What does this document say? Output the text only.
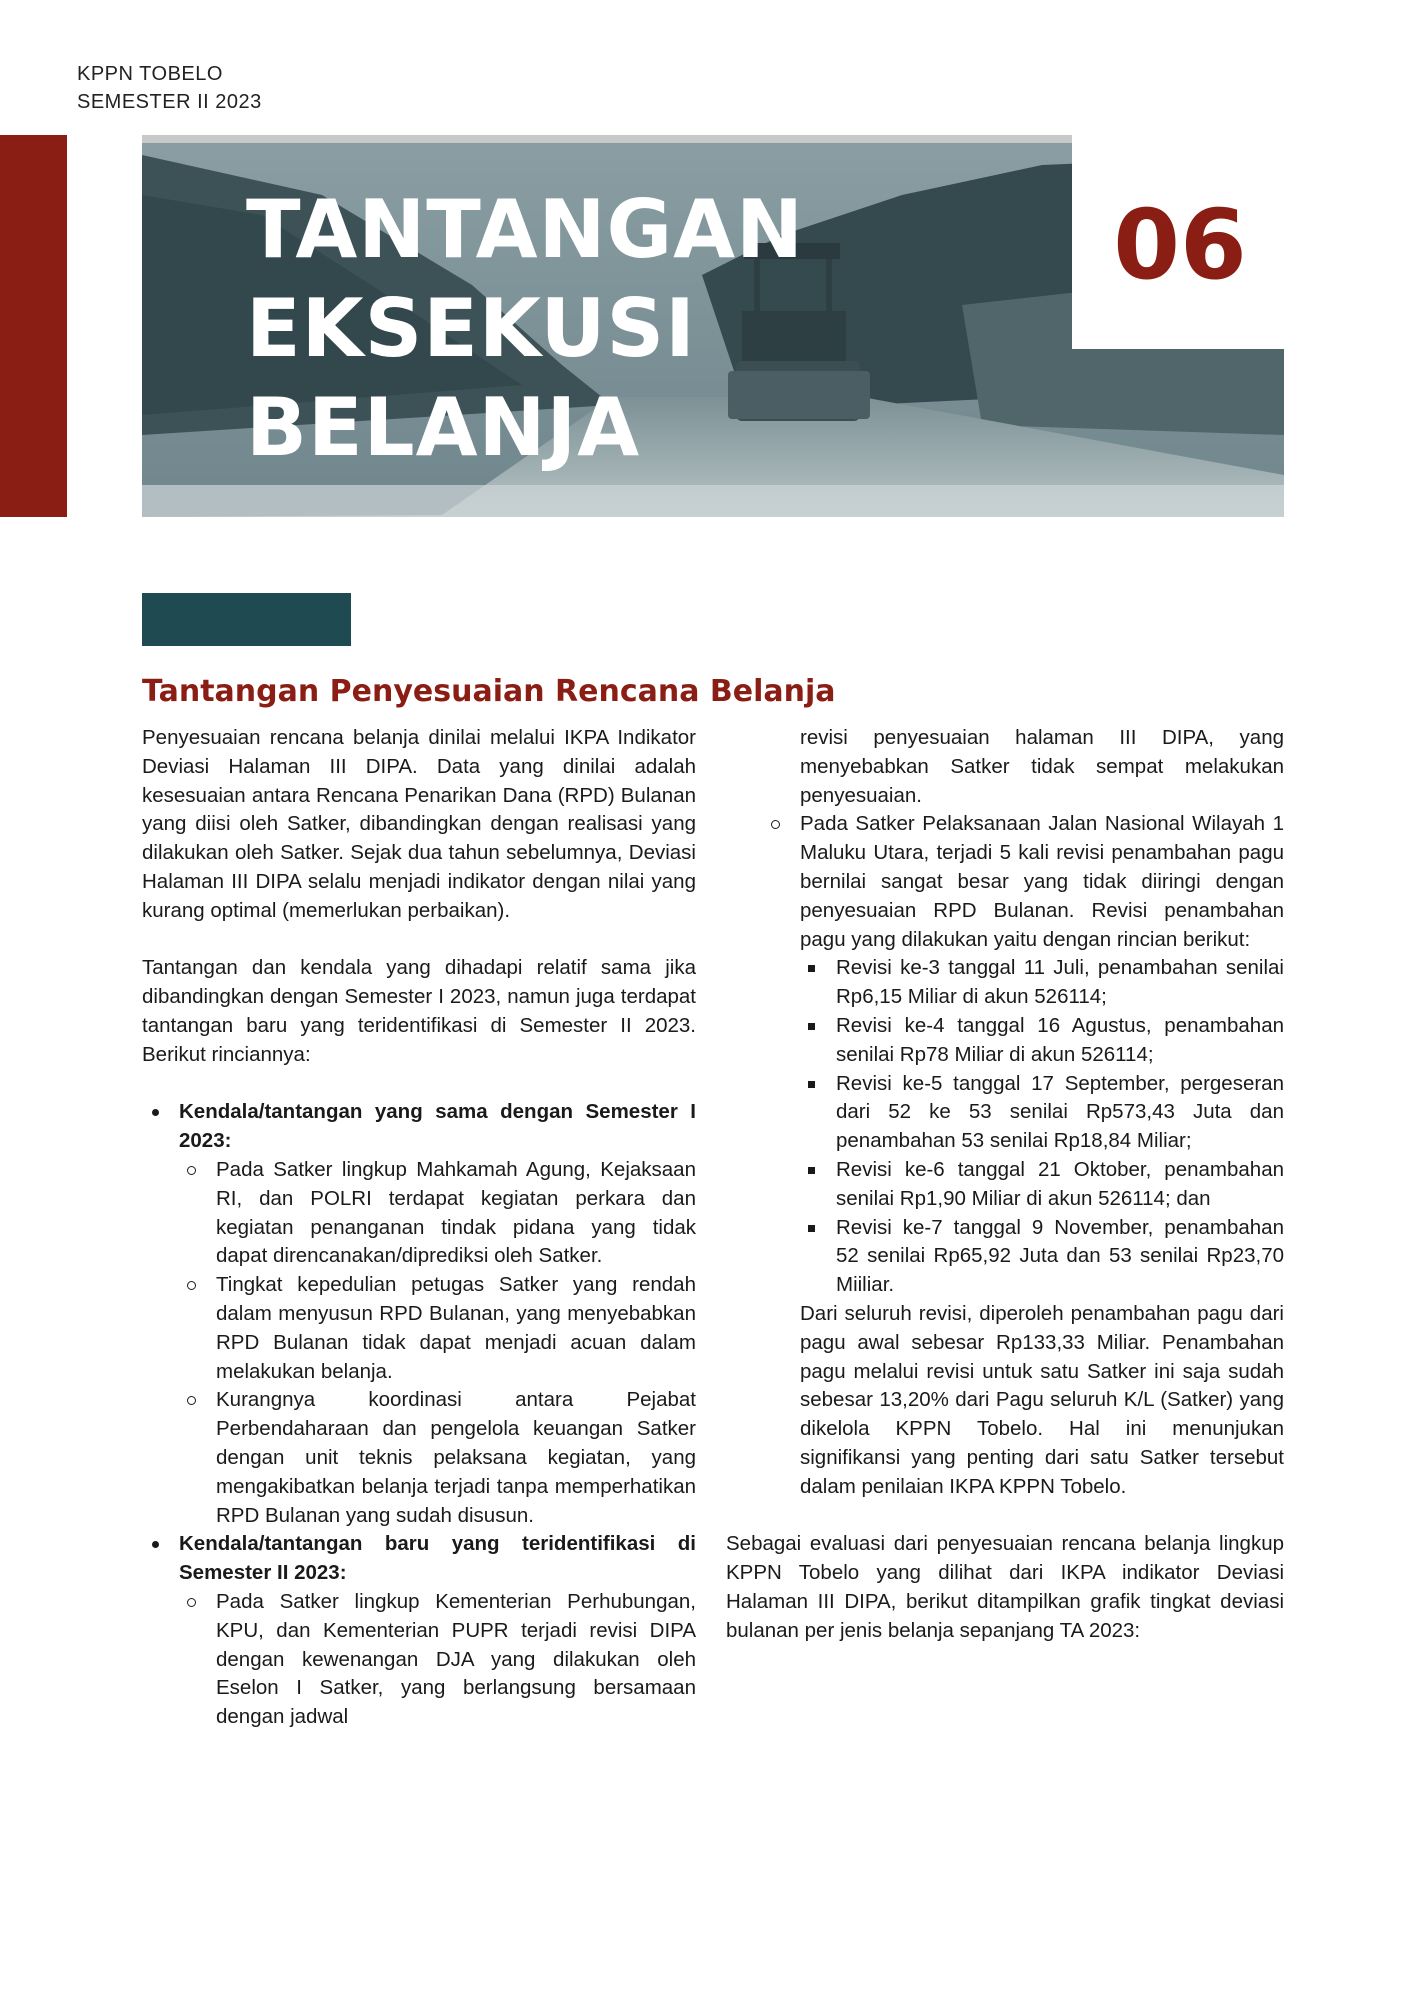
KPPN TOBELO
SEMESTER II 2023
06
TANTANGAN
EKSEKUSI
BELANJA
Tantangan Penyesuaian Rencana Belanja

Penyesuaian rencana belanja dinilai melalui IKPA Indikator Deviasi Halaman III DIPA. Data yang dinilai adalah kesesuaian antara Rencana Penarikan Dana (RPD) Bulanan yang diisi oleh Satker, dibandingkan dengan realisasi yang dilakukan oleh Satker. Sejak dua tahun sebelumnya, Deviasi Halaman III DIPA selalu menjadi indikator dengan nilai yang kurang optimal (memerlukan perbaikan).

Tantangan dan kendala yang dihadapi relatif sama jika dibandingkan dengan Semester I 2023, namun juga terdapat tantangan baru yang teridentifikasi di Semester II 2023. Berikut rinciannya:

Kendala/tantangan yang sama dengan Semester I 2023:
Pada Satker lingkup Mahkamah Agung, Kejaksaan RI, dan POLRI terdapat kegiatan perkara dan kegiatan penanganan tindak pidana yang tidak dapat direncanakan/diprediksi oleh Satker.
Tingkat kepedulian petugas Satker yang rendah dalam menyusun RPD Bulanan, yang menyebabkan RPD Bulanan tidak dapat menjadi acuan dalam melakukan belanja.
Kurangnya koordinasi antara Pejabat Perbendaharaan dan pengelola keuangan Satker dengan unit teknis pelaksana kegiatan, yang mengakibatkan belanja terjadi tanpa memperhatikan RPD Bulanan yang sudah disusun.
Kendala/tantangan baru yang teridentifikasi di Semester II 2023:
Pada Satker lingkup Kementerian Perhubungan, KPU, dan Kementerian PUPR terjadi revisi DIPA dengan kewenangan DJA yang dilakukan oleh Eselon I Satker, yang berlangsung bersamaan dengan jadwal
revisi penyesuaian halaman III DIPA, yang menyebabkan Satker tidak sempat melakukan penyesuaian.
Pada Satker Pelaksanaan Jalan Nasional Wilayah 1 Maluku Utara, terjadi 5 kali revisi penambahan pagu bernilai sangat besar yang tidak diiringi dengan penyesuaian RPD Bulanan. Revisi penambahan pagu yang dilakukan yaitu dengan rincian berikut:
Revisi ke-3 tanggal 11 Juli, penambahan senilai Rp6,15 Miliar di akun 526114;
Revisi ke-4 tanggal 16 Agustus, penambahan senilai Rp78 Miliar di akun 526114;
Revisi ke-5 tanggal 17 September, pergeseran dari 52 ke 53 senilai Rp573,43 Juta dan penambahan 53 senilai Rp18,84 Miliar;
Revisi ke-6 tanggal 21 Oktober, penambahan senilai Rp1,90 Miliar di akun 526114; dan
Revisi ke-7 tanggal 9 November, penambahan 52 senilai Rp65,92 Juta dan 53 senilai Rp23,70 Miiliar.
Dari seluruh revisi, diperoleh penambahan pagu dari pagu awal sebesar Rp133,33 Miliar. Penambahan pagu melalui revisi untuk satu Satker ini saja sudah sebesar 13,20% dari Pagu seluruh K/L (Satker) yang dikelola KPPN Tobelo. Hal ini menunjukan signifikansi yang penting dari satu Satker tersebut dalam penilaian IKPA KPPN Tobelo.

Sebagai evaluasi dari penyesuaian rencana belanja lingkup KPPN Tobelo yang dilihat dari IKPA indikator Deviasi Halaman III DIPA, berikut ditampilkan grafik tingkat deviasi bulanan per jenis belanja sepanjang TA 2023:
